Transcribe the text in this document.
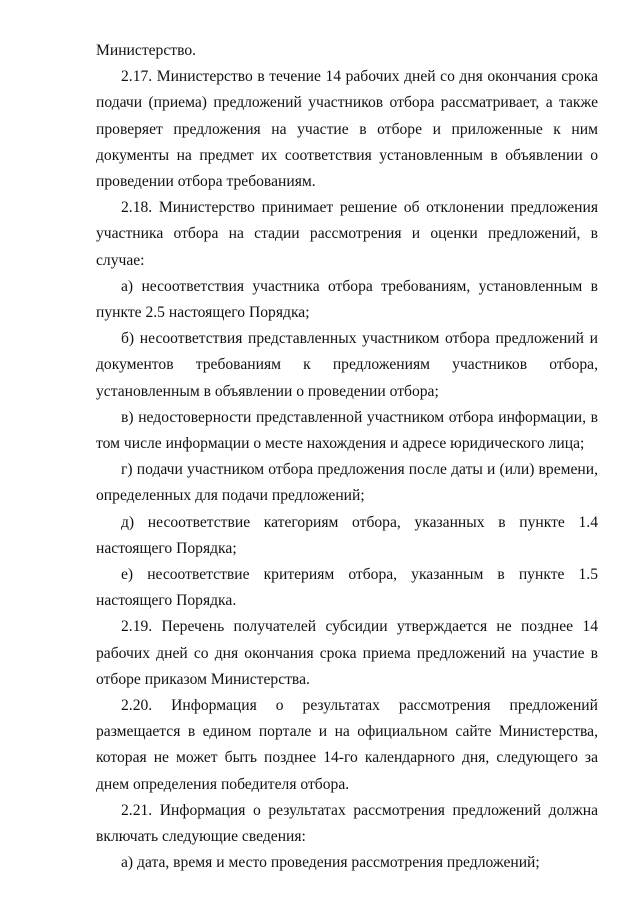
Министерство.

2.17. Министерство в течение 14 рабочих дней со дня окончания срока подачи (приема) предложений участников отбора рассматривает, а также проверяет предложения на участие в отборе и приложенные к ним документы на предмет их соответствия установленным в объявлении о проведении отбора требованиям.

2.18. Министерство принимает решение об отклонении предложения участника отбора на стадии рассмотрения и оценки предложений, в случае:

а) несоответствия участника отбора требованиям, установленным в пункте 2.5 настоящего Порядка;

б) несоответствия представленных участником отбора предложений и документов требованиям к предложениям участников отбора, установленным в объявлении о проведении отбора;

в) недостоверности представленной участником отбора информации, в том числе информации о месте нахождения и адресе юридического лица;

г) подачи участником отбора предложения после даты и (или) времени, определенных для подачи предложений;

д) несоответствие категориям отбора, указанных в пункте 1.4 настоящего Порядка;

е) несоответствие критериям отбора, указанным в пункте 1.5 настоящего Порядка.

2.19. Перечень получателей субсидии утверждается не позднее 14 рабочих дней со дня окончания срока приема предложений на участие в отборе приказом Министерства.

2.20. Информация о результатах рассмотрения предложений размещается в едином портале и на официальном сайте Министерства, которая не может быть позднее 14-го календарного дня, следующего за днем определения победителя отбора.

2.21. Информация о результатах рассмотрения предложений должна включать следующие сведения:

а) дата, время и место проведения рассмотрения предложений;
